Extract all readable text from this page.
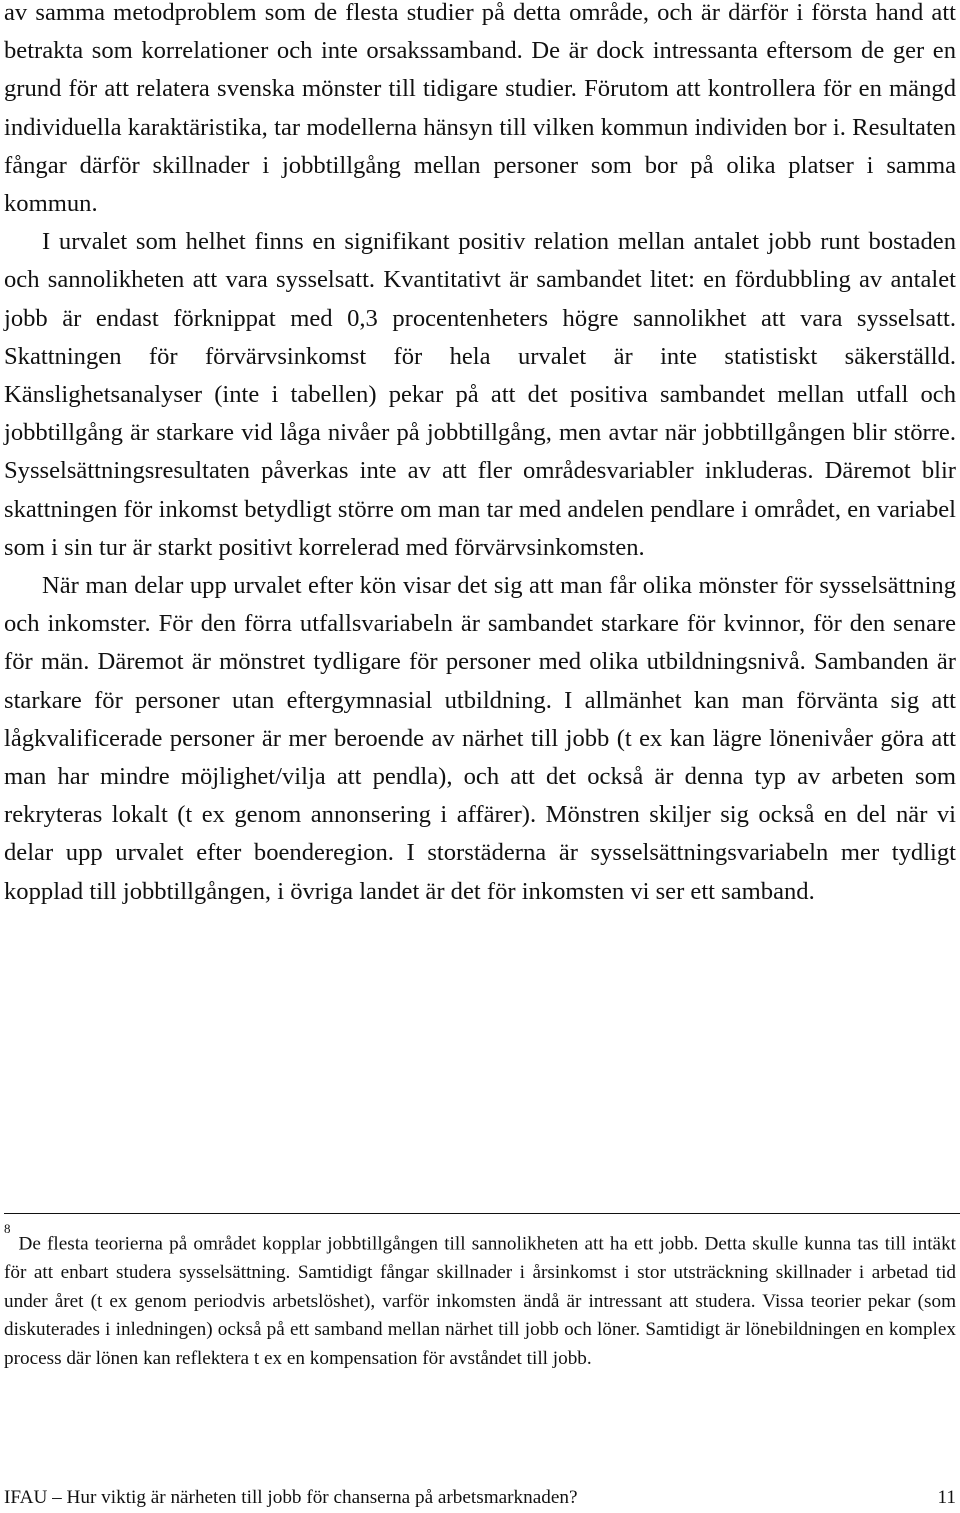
av samma metodproblem som de flesta studier på detta område, och är därför i första hand att betrakta som korrelationer och inte orsakssamband. De är dock intressanta eftersom de ger en grund för att relatera svenska mönster till tidigare studier. Förutom att kontrollera för en mängd individuella karaktäristika, tar modellerna hänsyn till vilken kommun individen bor i. Resultaten fångar därför skillnader i jobbtillgång mellan personer som bor på olika platser i samma kommun.

I urvalet som helhet finns en signifikant positiv relation mellan antalet jobb runt bostaden och sannolikheten att vara sysselsatt. Kvantitativt är sambandet litet: en fördubbling av antalet jobb är endast förknippat med 0,3 procentenheters högre sannolikhet att vara sysselsatt. Skattningen för förvärvsinkomst för hela urvalet är inte statistiskt säkerställd. Känslighetsanalyser (inte i tabellen) pekar på att det positiva sambandet mellan utfall och jobbtillgång är starkare vid låga nivåer på jobbtillgång, men avtar när jobbtillgången blir större. Sysselsättningsresultaten påverkas inte av att fler områdesvariabler inkluderas. Däremot blir skattningen för inkomst betydligt större om man tar med andelen pendlare i området, en variabel som i sin tur är starkt positivt korrelerad med förvärvsinkomsten.

När man delar upp urvalet efter kön visar det sig att man får olika mönster för sysselsättning och inkomster. För den förra utfallsvariabeln är sambandet starkare för kvinnor, för den senare för män. Däremot är mönstret tydligare för personer med olika utbildningsnivå. Sambanden är starkare för personer utan eftergymnasial utbildning. I allmänhet kan man förvänta sig att lågkvalificerade personer är mer beroende av närhet till jobb (t ex kan lägre lönenivåer göra att man har mindre möjlighet/vilja att pendla), och att det också är denna typ av arbeten som rekryteras lokalt (t ex genom annonsering i affärer). Mönstren skiljer sig också en del när vi delar upp urvalet efter boenderegion. I storstäderna är sysselsättningsvariabeln mer tydligt kopplad till jobbtillgången, i övriga landet är det för inkomsten vi ser ett samband.

$^8$De flesta teorierna på området kopplar jobbtillgången till sannolikheten att ha ett jobb. Detta skulle kunna tas till intäkt för att enbart studera sysselsättning. Samtidigt fångar skillnader i årsinkomst i stor utsträckning skillnader i arbetad tid under året (t ex genom periodvis arbetslöshet), varför inkomsten ändå är intressant att studera. Vissa teorier pekar (som diskuterades i inledningen) också på ett samband mellan närhet till jobb och löner. Samtidigt är lönebildningen en komplex process där lönen kan reflektera t ex en kompensation för avståndet till jobb.

IFAU – Hur viktig är närheten till jobb för chanserna på arbetsmarknaden?	11
